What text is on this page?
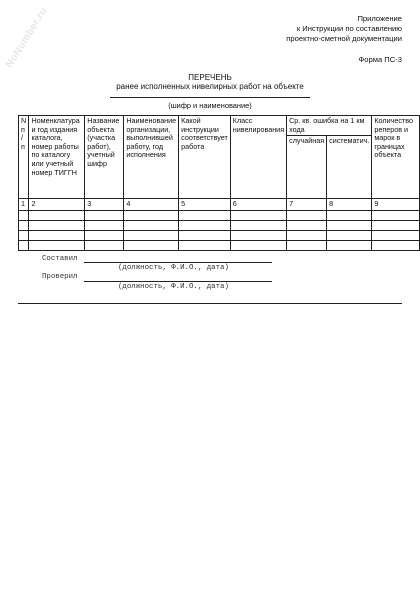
NoNumber.ru	Приложение
к Инструкции по составлению
проектно-сметной документации
Форма ПС-3
ПЕРЕЧЕНЬ
ранее исполненных нивелирных работ на объекте
(шифр и наименование)
N п / п	Номенклатура и год издания каталога, номер работы по каталогу или учетный номер ТИГГН	Название объекта (участка работ), учетный шифр	Наименование организации, выполнившей работу, год исполнения	Какой инструкции соответствует работа	Класс нивелирования	Ср. кв. ошибка на 1 км хода		Количество реперов и марок в границах объекта
						случайная	систематич.	
1	2	3	4	5	6	7	8	9

Составил
(должность, Ф.И.О., дата)
Проверил
(должность, Ф.И.О., дата)
